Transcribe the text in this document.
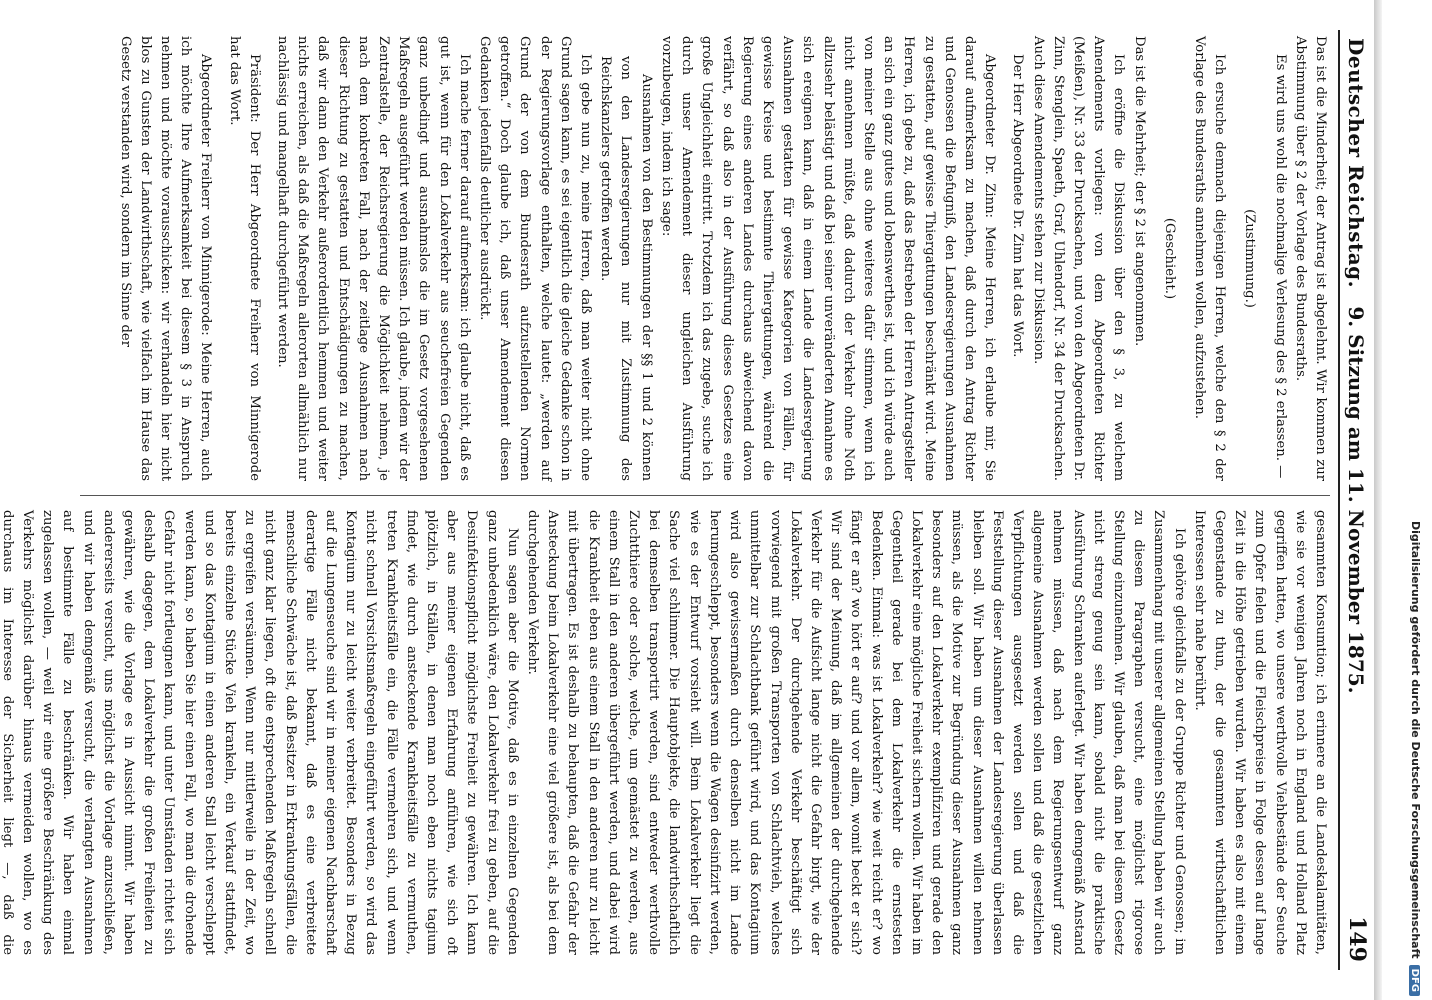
Deutscher Reichstag.
9. Sitzung am 11. November 1875.
149

Das ist die Minderheit; der Antrag ist abgelehnt. Wir kommen zur Abstimmung über § 2 der Vorlage des Bundesraths.

Es wird uns wohl die nochmalige Verlesung des § 2 erlassen. —

(Zustimmung.)

Ich ersuche demnach diejenigen Herren, welche den § 2 der Vorlage des Bundesraths annehmen wollen, aufzustehen.

(Geschieht.)

Das ist die Mehrheit; der § 2 ist angenommen.

Ich eröffne die Diskussion über den § 3, zu welchem Amendements vorliegen: von dem Abgeordneten Richter (Meißen), Nr. 33 der Drucksachen, und von den Abgeordneten Dr. Zinn, Stenglein, Spaeth, Graf, Uhlendorf, Nr. 34 der Drucksachen. Auch diese Amendements stehen zur Diskussion.

Der Herr Abgeordnete Dr. Zinn hat das Wort.

Abgeordneter Dr. Zinn: Meine Herren, ich erlaube mir, Sie darauf aufmerksam zu machen, daß durch den Antrag Richter und Genossen die Befugniß, den Landesregierungen Ausnahmen zu gestatten, auf gewisse Thiergattungen beschränkt wird. Meine Herren, ich gebe zu, daß das Bestreben der Herren Antragsteller an sich ein ganz gutes und lobenswerthes ist, und ich würde auch von meiner Stelle aus ohne weiteres dafür stimmen, wenn ich nicht annehmen müßte, daß dadurch der Verkehr ohne Noth allzusehr belästigt und daß bei seiner unveränderten Annahme es sich ereignen kann, daß in einem Lande die Landesregierung Ausnahmen gestatten für gewisse Kategorien von Fällen, für gewisse Kreise und bestimmte Thiergattungen, während die Regierung eines anderen Landes durchaus abweichend davon verfährt, so daß also in der Ausführung dieses Gesetzes eine große Ungleichheit eintritt. Trotzdem ich das zugebe, suche ich durch unser Amendement dieser ungleichen Ausführung vorzubeugen, indem ich sage:

Ausnahmen von den Bestimmungen der §§ 1 und 2 können von den Landesregierungen nur mit Zustimmung des Reichskanzlers getroffen werden.

Ich gebe nun zu, meine Herren, daß man weiter nicht ohne Grund sagen kann, es sei eigentlich die gleiche Gedanke schon in der Regierungsvorlage enthalten, welche lautet: „werden auf Grund der von dem Bundesrath aufzustellenden Normen getroffen.“ Doch glaube ich, daß unser Amendement diesen Gedanken jedenfalls deutlicher ausdrückt.

Ich mache ferner darauf aufmerksam: ich glaube nicht, daß es gut ist, wenn für den Lokalverkehr aus seuchefreien Gegenden ganz unbedingt und ausnahmslos die im Gesetz vorgesehenen Maßregeln ausgeführt werden müssen. Ich glaube, indem wir der Zentralstelle, der Reichsregierung die Möglichkeit nehmen, je nach dem konkreten Fall, nach der zeitlage Ausnahmen nach dieser Richtung zu gestatten und Entschädigungen zu machen, daß wir dann den Verkehr außerordentlich hemmen und weiter nichts erreichen, als daß die Maßregeln allerorten allmählich nur nachlässig und mangelhaft durchgeführt werden.

Präsident: Der Herr Abgeordnete Freiherr von Minnigerode hat das Wort.

Abgeordneter Freiherr von Minnigerode: Meine Herren, auch ich möchte Ihre Aufmerksamkeit bei diesem § 3 in Anspruch nehmen und möchte vorausschicken: wir verhandeln hier nicht blos zu Gunsten der Landwirthschaft, wie vielfach im Hause das Gesetz verstanden wird, sondern im Sinne der

gesammten Konsumtion; ich erinnere an die Landeskalamitäten, wie sie vor wenigen Jahren noch in England und Holland Platz gegriffen hatten, wo unsere werthvolle Viehbestände der Seuche zum Opfer fielen und die Fleischpreise in Folge dessen auf lange Zeit in die Höhe getrieben wurden. Wir haben es also mit einem Gegenstande zu thun, der die gesammten wirthschaftlichen Interessen sehr nahe berührt.

Ich gehöre gleichfalls zu der Gruppe Richter und Genossen; im Zusammenhang mit unserer allgemeinen Stellung haben wir auch zu diesem Paragraphen versucht, eine möglichst rigorose Stellung einzunehmen. Wir glauben, daß man bei diesem Gesetz nicht streng genug sein kann, sobald nicht die praktische Ausführung Schranken auferlegt. Wir haben demgemäß Anstand nehmen müssen, daß nach dem Regierungsentwurf ganz allgemeine Ausnahmen werden sollen und daß die gesetzlichen Verpflichtungen ausgesetzt werden sollen und daß die Feststellung dieser Ausnahmen der Landesregierung überlassen bleiben soll. Wir haben um dieser Ausnahmen willen nehmen müssen, als die Motive zur Begründung dieser Ausnahmen ganz besonders auf den Lokalverkehr exemplifiziren und gerade den Lokalverkehr eine mögliche Freiheit sichern wollen. Wir haben im Gegentheil gerade bei dem Lokalverkehr die ernstesten Bedenken. Einmal: was ist Lokalverkehr? wie weit reicht er? wo fängt er an? wo hört er auf? und vor allem, womit beckt er sich? Wir sind der Meinung, daß im allgemeinen der durchgehende Verkehr für die Aufsicht lange nicht die Gefahr birgt, wie der Lokalverkehr. Der durchgehende Verkehr beschäftigt sich vorwiegend mit großen Transporten von Schlachtvieh, welches unmittelbar zur Schlachtbank geführt wird, und das Kontagium wird also gewissermaßen durch denselben nicht im Lande herumgeschleppt, besonders wenn die Wagen desinfizirt werden, wie es der Entwurf vorsieht will. Beim Lokalverkehr liegt die Sache viel schlimmer. Die Hauptobjekte, die landwirthschaftlich bei demselben transportirt werden, sind entweder werthvolle Zuchtthiere oder solche, welche, um gemästet zu werden, aus einem Stall in den anderen übergeführt werden, und dabei wird die Krankheit eben aus einem Stall in den anderen nur zu leicht mit übertragen. Es ist deshalb zu behaupten, daß die Gefahr der Ansteckung beim Lokalverkehr eine viel größere ist, als bei dem durchgehenden Verkehr.

Nun sagen aber die Motive, daß es in einzelnen Gegenden ganz unbedenklich wäre, den Lokalverkehr frei zu geben, auf die Desinfektionspflicht möglichste Freiheit zu gewähren. Ich kann aber aus meiner eigenen Erfahrung anführen, wie sich oft plötzlich, in Ställen, in denen man noch eben nichts tagium findet, wie durch ansteckende Krankheitsfälle zu vermuthen, treten Krankheitsfälle ein, die Fälle vermehren sich, und wenn nicht schnell Vorsichtsmaßregeln eingeführt werden, so wird das Kontagium nur zu leicht weiter verbreitet. Besonders in Bezug auf die Lungenseuche sind wir in meiner eigenen Nachbarschaft derartige Fälle nicht bekannt, daß es eine verbreitete menschliche Schwäche ist, daß Besitzer in Erkrankungsfällen, die nicht ganz klar liegen, oft die entsprechenden Maßregeln schnell zu ergreifen versäumen. Wenn nur mittlerweile in der Zeit, wo bereits einzelne Stücke Vieh krankeln, ein Verkauf stattfindet, und so das Kontagium in einen anderen Stall leicht verschleppt werden kann, so haben Sie hier einen Fall, wo man die drohende Gefahr nicht fortleugnen kann, und unter Umständen richtet sich deshalb dagegen, dem Lokalverkehr die großen Freiheiten zu gewähren, wie die Vorlage es in Aussicht nimmt. Wir haben andererseits versucht, uns möglichst die Vorlage anzuschließen, und wir haben demgemäß versucht, die verlangten Ausnahmen auf bestimmte Fälle zu beschränken. Wir haben einmal zugelassen wollen, — weil wir eine größere Beschränkung des Verkehrs möglichst darüber hinaus vermeiden wollen, wo es durchaus im Interesse der Sicherheit liegt —, daß die	Digitalisierung gefördert durch die Deutsche ForschungsgemeinschaftDFG
